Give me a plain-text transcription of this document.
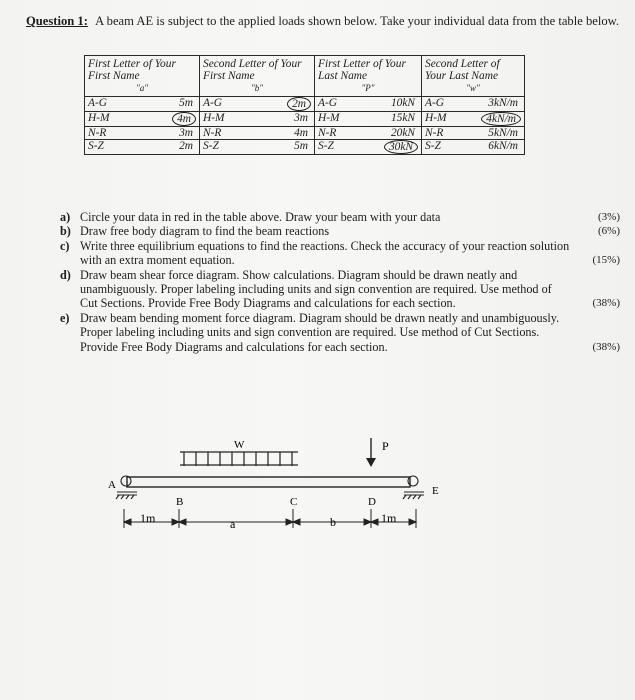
Question 1: A beam AE is subject to the applied loads shown below. Take your individual data from the table below.
First Letter of Your First Name
"a"	Second Letter of Your First Name
"b"	First Letter of Your Last Name
"P"	Second Letter of Your Last Name
"w"

A-G 5m	A-G 2m	A-G 10kN	A-G 3kN/m

H-M 4m	H-M 3m	H-M 15kN	H-M 4kN/m

N-R 3m	N-R 4m	N-R 20kN	N-R 5kN/m

S-Z 2m	S-Z 5m	S-Z 30kN	S-Z 6kN/m
a) Circle your data in red in the table above. Draw your beam with your data	(3%)
b) Draw free body diagram to find the beam reactions	(6%)
c) Write three equilibrium equations to find the reactions. Check the accuracy of your reaction solution
with an extra moment equation.	(15%)
d) Draw beam shear force diagram. Show calculations. Diagram should be drawn neatly and
unambiguously. Proper labeling including units and sign convention are required. Use method of
Cut Sections. Provide Free Body Diagrams and calculations for each section.	(38%)
e) Draw beam bending moment force diagram. Diagram should be drawn neatly and unambiguously.
Proper labeling including units and sign convention are required. Use method of Cut Sections.
Provide Free Body Diagrams and calculations for each section.	(38%)
W	P
A	E
B	C	D
1m	a	b	1m
